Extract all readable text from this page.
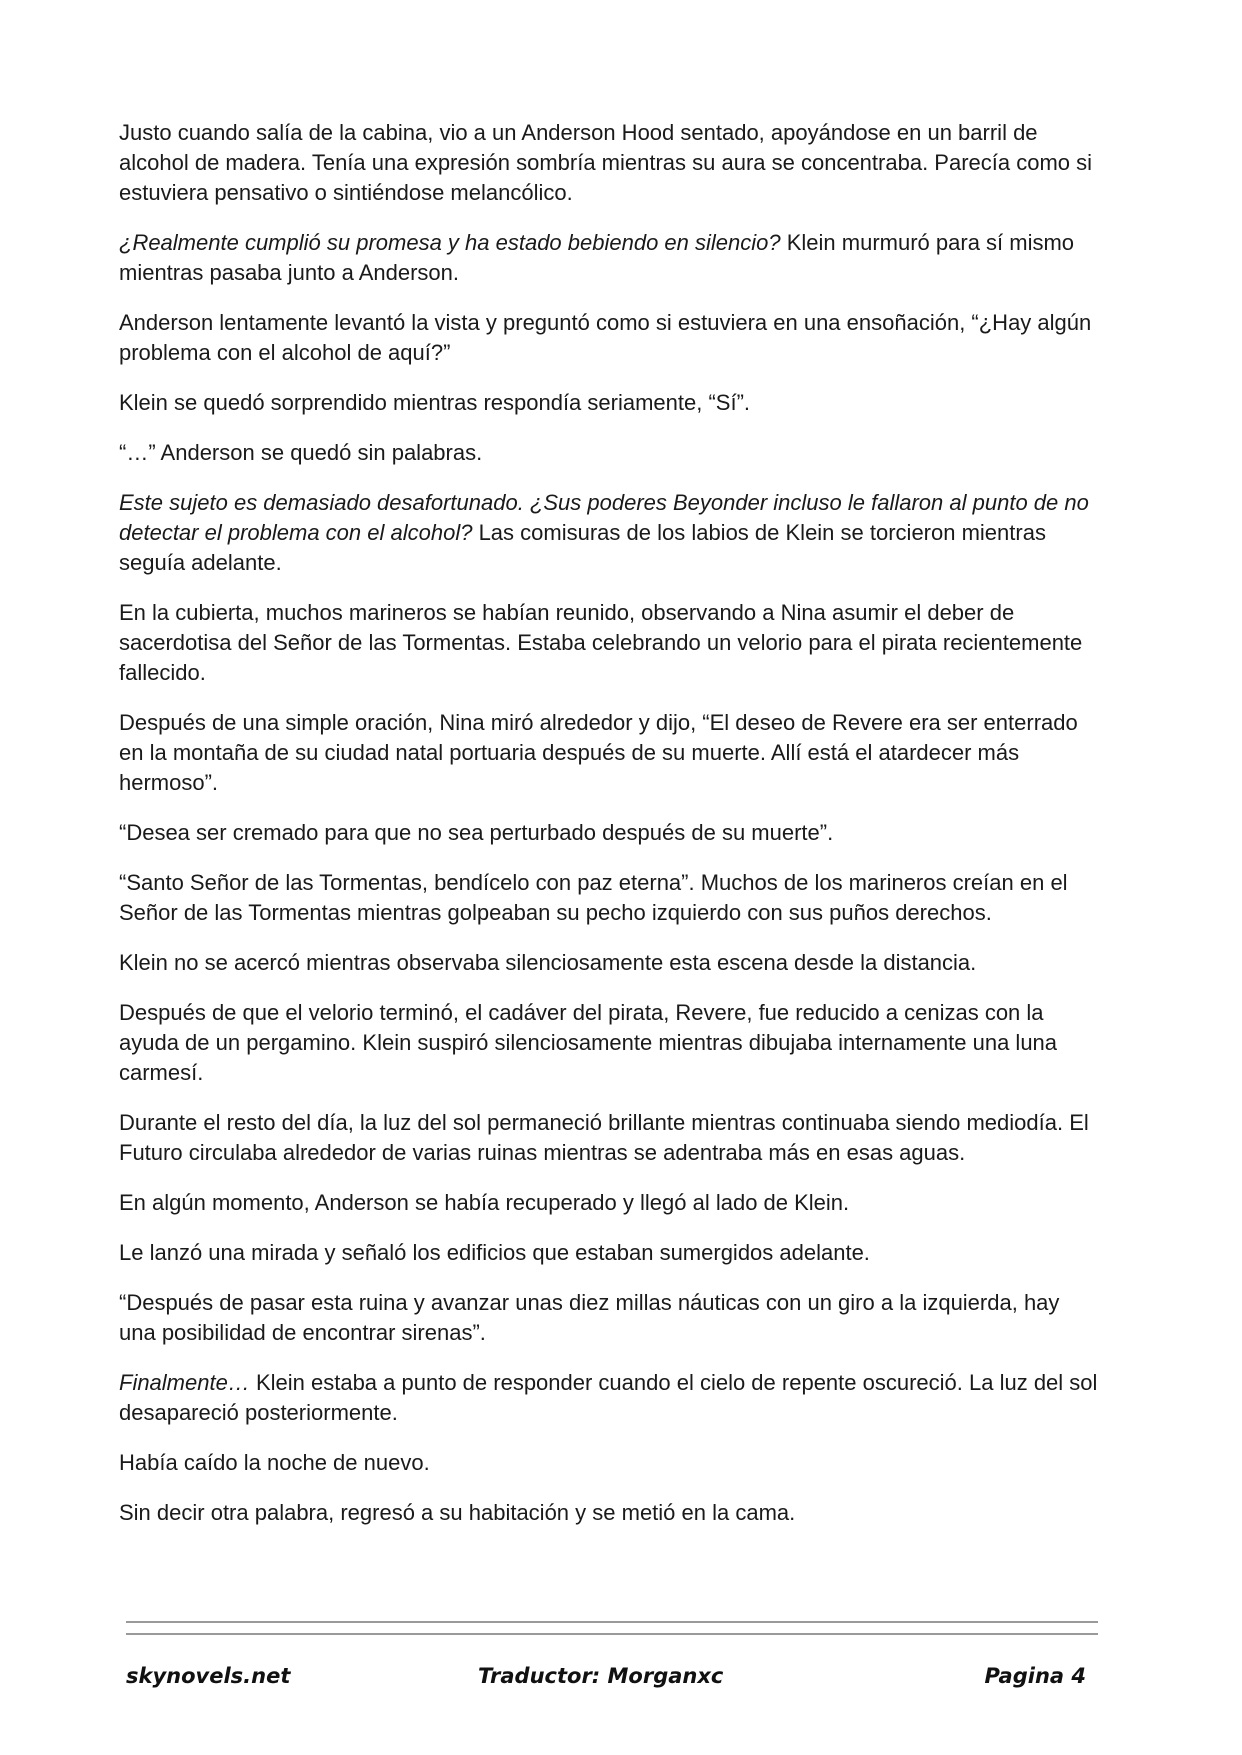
Justo cuando salía de la cabina, vio a un Anderson Hood sentado, apoyándose en un barril de alcohol de madera. Tenía una expresión sombría mientras su aura se concentraba. Parecía como si estuviera pensativo o sintiéndose melancólico.

¿Realmente cumplió su promesa y ha estado bebiendo en silencio? Klein murmuró para sí mismo mientras pasaba junto a Anderson.

Anderson lentamente levantó la vista y preguntó como si estuviera en una ensoñación, “¿Hay algún problema con el alcohol de aquí?”

Klein se quedó sorprendido mientras respondía seriamente, “Sí”.

“…” Anderson se quedó sin palabras.

Este sujeto es demasiado desafortunado. ¿Sus poderes Beyonder incluso le fallaron al punto de no detectar el problema con el alcohol? Las comisuras de los labios de Klein se torcieron mientras seguía adelante.

En la cubierta, muchos marineros se habían reunido, observando a Nina asumir el deber de sacerdotisa del Señor de las Tormentas. Estaba celebrando un velorio para el pirata recientemente fallecido.

Después de una simple oración, Nina miró alrededor y dijo, “El deseo de Revere era ser enterrado en la montaña de su ciudad natal portuaria después de su muerte. Allí está el atardecer más hermoso”.

“Desea ser cremado para que no sea perturbado después de su muerte”.

“Santo Señor de las Tormentas, bendícelo con paz eterna”. Muchos de los marineros creían en el Señor de las Tormentas mientras golpeaban su pecho izquierdo con sus puños derechos.

Klein no se acercó mientras observaba silenciosamente esta escena desde la distancia.

Después de que el velorio terminó, el cadáver del pirata, Revere, fue reducido a cenizas con la ayuda de un pergamino. Klein suspiró silenciosamente mientras dibujaba internamente una luna carmesí.

Durante el resto del día, la luz del sol permaneció brillante mientras continuaba siendo mediodía. El Futuro circulaba alrededor de varias ruinas mientras se adentraba más en esas aguas.

En algún momento, Anderson se había recuperado y llegó al lado de Klein.

Le lanzó una mirada y señaló los edificios que estaban sumergidos adelante.

“Después de pasar esta ruina y avanzar unas diez millas náuticas con un giro a la izquierda, hay una posibilidad de encontrar sirenas”.

Finalmente… Klein estaba a punto de responder cuando el cielo de repente oscureció. La luz del sol desapareció posteriormente.

Había caído la noche de nuevo.

Sin decir otra palabra, regresó a su habitación y se metió en la cama.

skynovels.net	Traductor: Morganxc	Pagina 4
